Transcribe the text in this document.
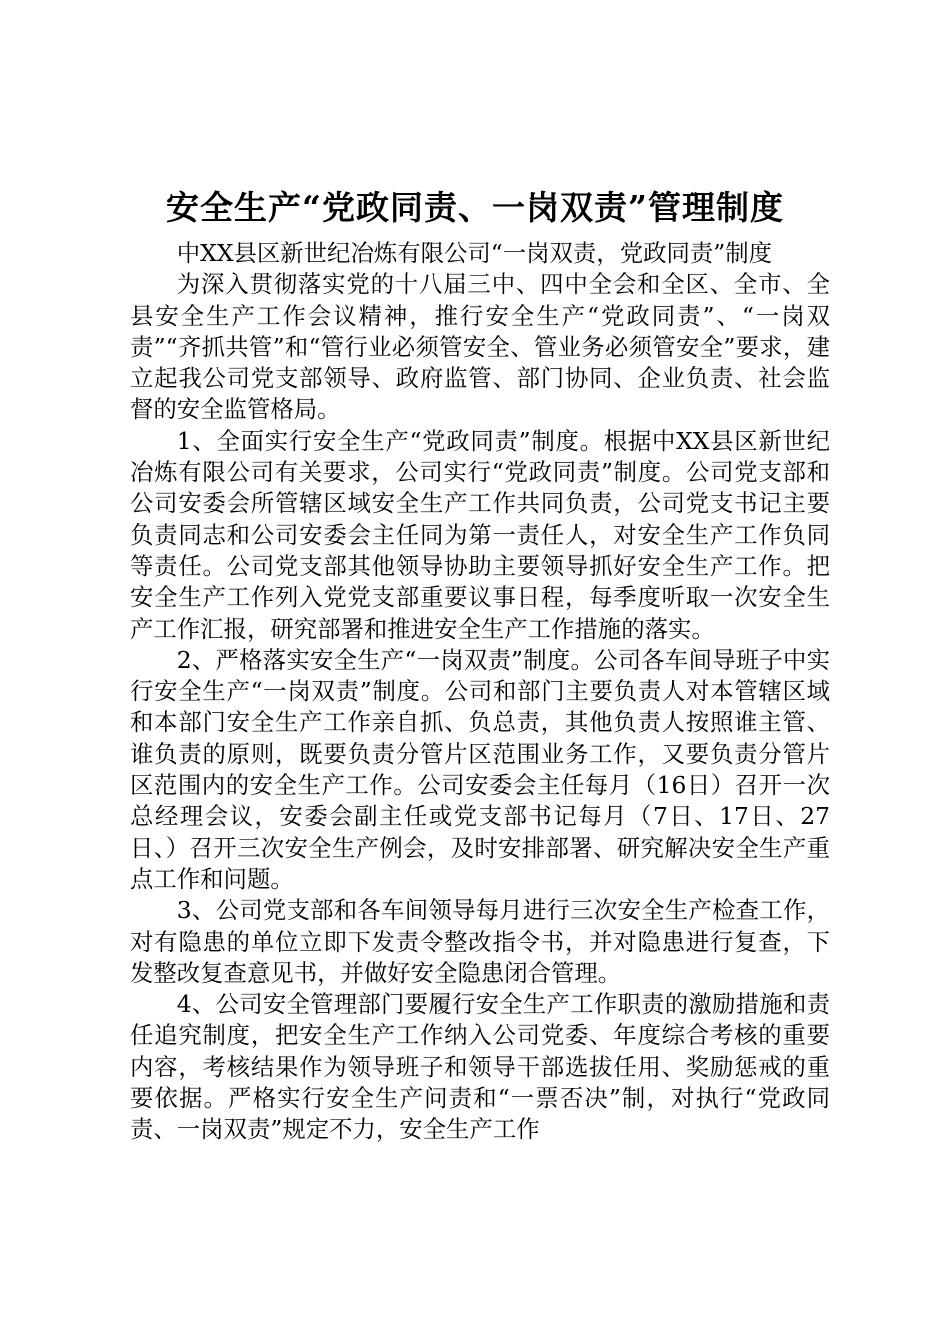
安全生产“党政同责、一岗双责”管理制度

中XX县区新世纪冶炼有限公司“一岗双责，党政同责”制度

为深入贯彻落实党的十八届三中、四中全会和全区、全市、全县安全生产工作会议精神，推行安全生产“党政同责”、“一岗双责”“齐抓共管”和“管行业必须管安全、管业务必须管安全”要求，建立起我公司党支部领导、政府监管、部门协同、企业负责、社会监督的安全监管格局。

1、全面实行安全生产“党政同责”制度。根据中XX县区新世纪冶炼有限公司有关要求，公司实行“党政同责”制度。公司党支部和公司安委会所管辖区域安全生产工作共同负责，公司党支书记主要负责同志和公司安委会主任同为第一责任人，对安全生产工作负同等责任。公司党支部其他领导协助主要领导抓好安全生产工作。把安全生产工作列入党党支部重要议事日程，每季度听取一次安全生产工作汇报，研究部署和推进安全生产工作措施的落实。

2、严格落实安全生产“一岗双责”制度。公司各车间导班子中实行安全生产“一岗双责”制度。公司和部门主要负责人对本管辖区域和本部门安全生产工作亲自抓、负总责，其他负责人按照谁主管、谁负责的原则，既要负责分管片区范围业务工作，又要负责分管片区范围内的安全生产工作。公司安委会主任每月（16日）召开一次总经理会议，安委会副主任或党支部书记每月（7日、17日、27日、）召开三次安全生产例会，及时安排部署、研究解决安全生产重点工作和问题。

3、公司党支部和各车间领导每月进行三次安全生产检查工作，对有隐患的单位立即下发责令整改指令书，并对隐患进行复查，下发整改复查意见书，并做好安全隐患闭合管理。

4、公司安全管理部门要履行安全生产工作职责的激励措施和责任追究制度，把安全生产工作纳入公司党委、年度综合考核的重要内容，考核结果作为领导班子和领导干部选拔任用、奖励惩戒的重要依据。严格实行安全生产问责和“一票否决”制，对执行“党政同责、一岗双责”规定不力，安全生产工作
